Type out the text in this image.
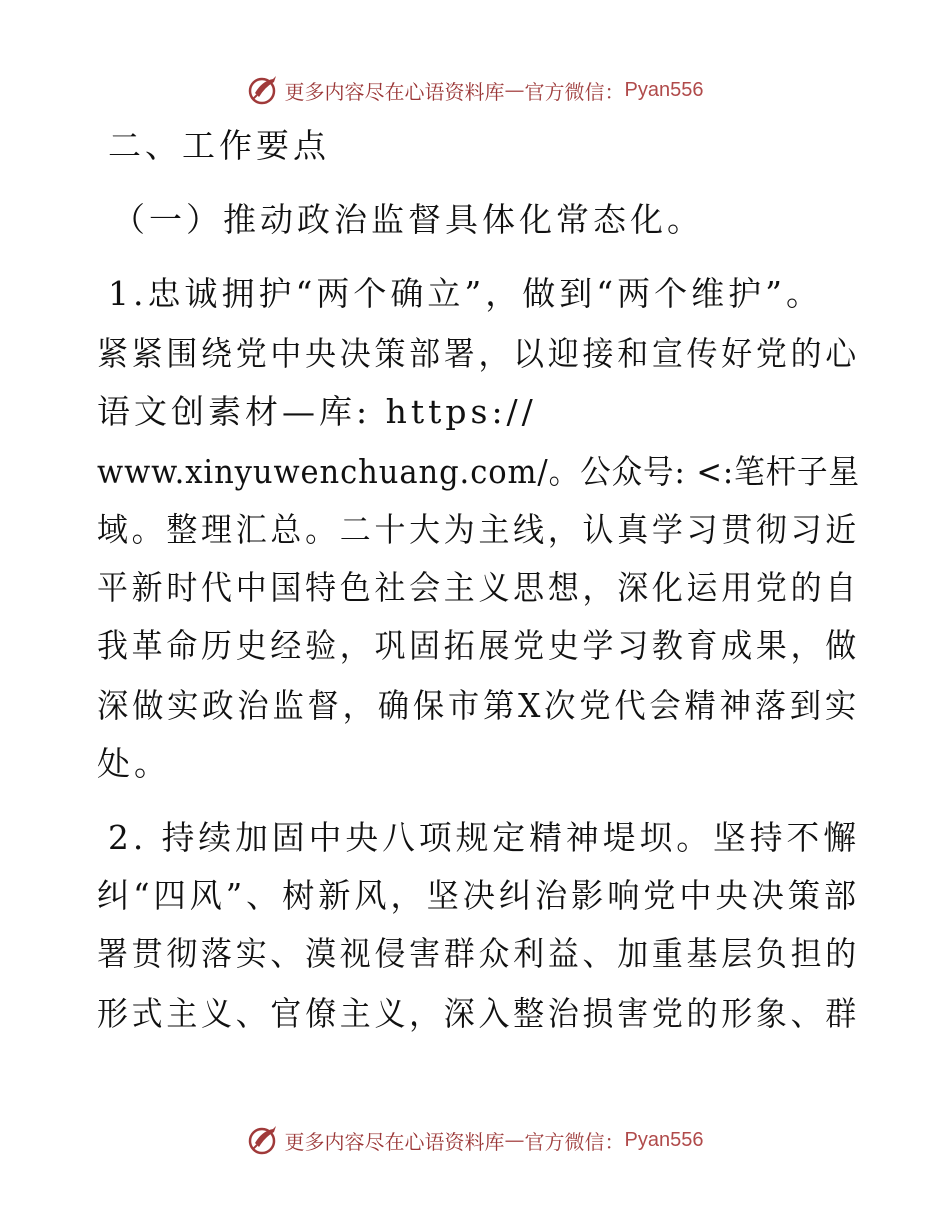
更多内容尽在心语资料库 — 官方微信： Pyan556
二、工作要点
（一）推动政治监督具体化常态化。
1.忠诚拥护“两个确立”，做到“两个维护”。
紧紧围绕党中央决策部署，以迎接和宣传好党的心
语文创素材—库: https://
www.xinyuwenchuang.com/。公众号: <:笔杆子星
域。整理汇总。二十大为主线，认真学习贯彻习近
平新时代中国特色社会主义思想，深化运用党的自
我革命历史经验，巩固拓展党史学习教育成果，做
深做实政治监督，确保市第X次党代会精神落到实
处。
2. 持续加固中央八项规定精神堤坝。坚持不懈
纠“四风”、树新风，坚决纠治影响党中央决策部
署贯彻落实、漠视侵害群众利益、加重基层负担的
形式主义、官僚主义，深入整治损害党的形象、群
更多内容尽在心语资料库 — 官方微信： Pyan556
